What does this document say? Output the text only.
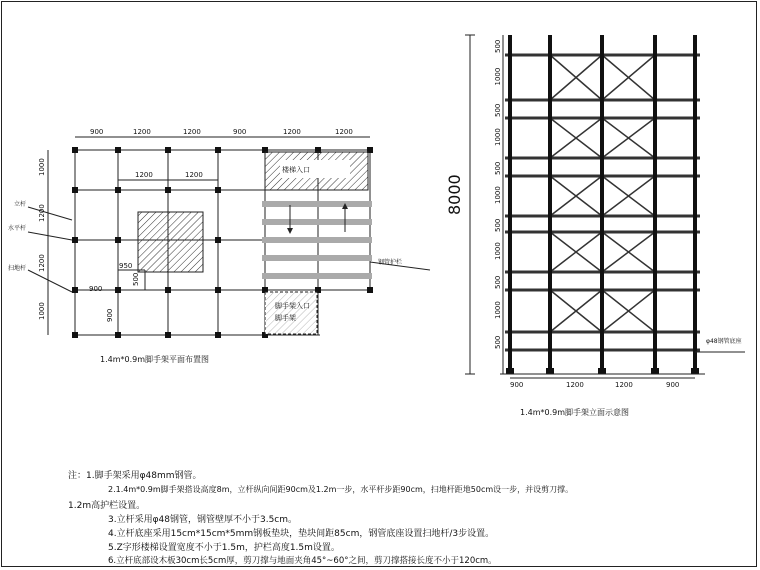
900	1200	1200	900	1200	1200
1200	1200
1000
1200
1200
1000
900
950
500
900
立杆
水平杆
扫地杆
楼梯入口
脚手架入口
脚手架
钢管护栏
1.4m*0.9m脚手架平面布置图
8000
900	1200	1200	900
φ48钢管底座
1.4m*0.9m脚手架立面示意图
500
1000
500
1000
500
1000
500
1000
500
1000
500
注：1.脚手架采用φ48mm钢管。
2.1.4m*0.9m脚手架搭设高度8m，立杆纵向间距90cm及1.2m一步，水平杆步距90cm，扫地杆距地50cm设一步，并设剪刀撑。
1.2m高护栏设置。
3.立杆采用φ48钢管，钢管壁厚不小于3.5cm。
4.立杆底座采用15cm*15cm*5mm钢板垫块，垫块间距85cm，钢管底座设置扫地杆/3步设置。
5.Z字形楼梯设置宽度不小于1.5m，护栏高度1.5m设置。
6.立杆底部设木板30cm长5cm厚，剪刀撑与地面夹角45°~60°之间，剪刀撑搭接长度不小于120cm。
